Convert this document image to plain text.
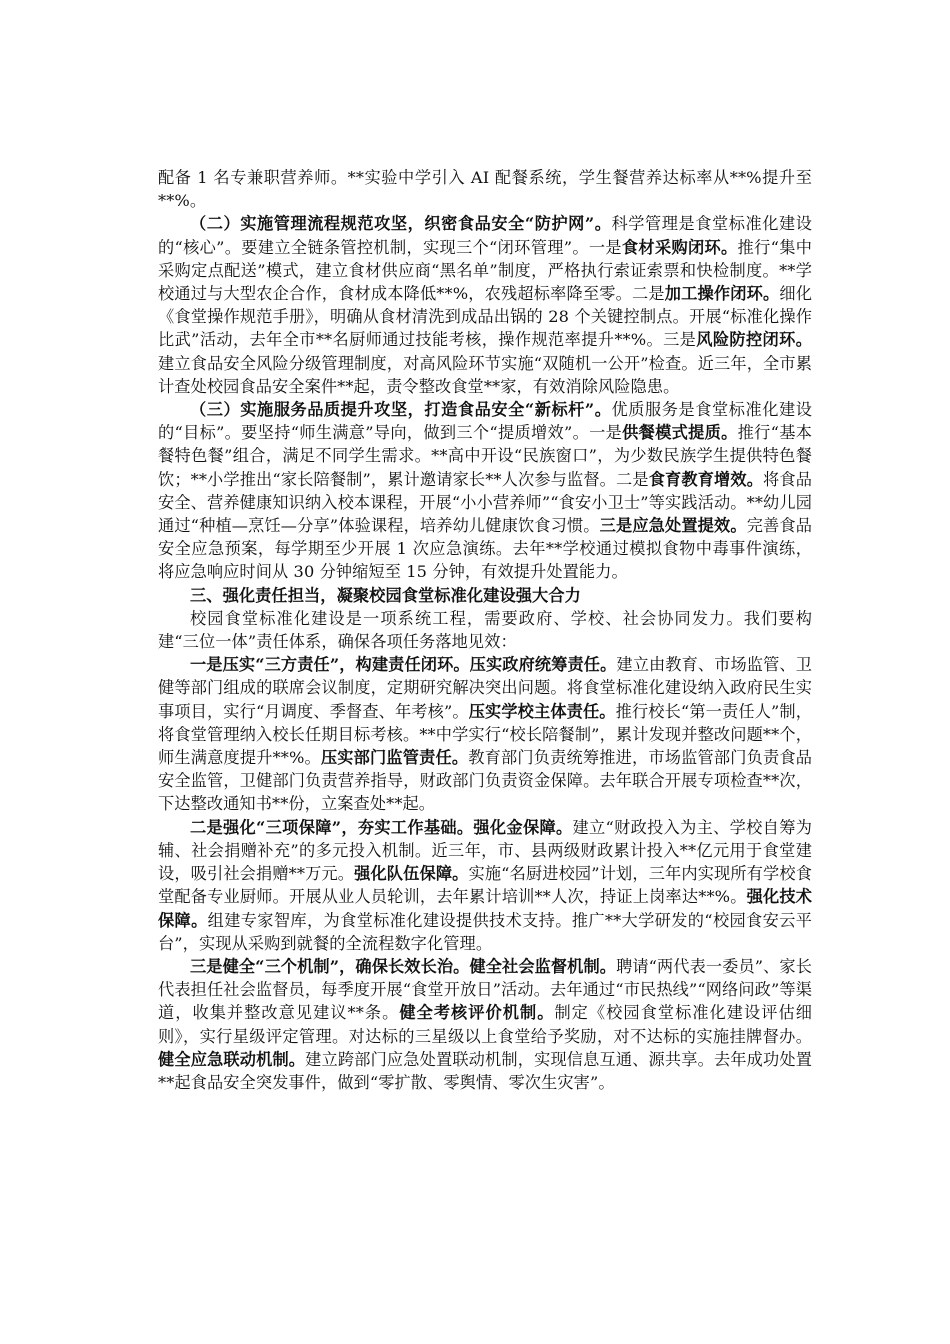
配备 1 名专兼职营养师。**实验中学引入 AI 配餐系统，学生餐营养达标率从**%提升至**%。

（二）实施管理流程规范攻坚，织密食品安全“防护网”。科学管理是食堂标准化建设的“核心”。要建立全链条管控机制，实现三个“闭环管理”。一是食材采购闭环。推行“集中采购定点配送”模式，建立食材供应商“黑名单”制度，严格执行索证索票和快检制度。**学校通过与大型农企合作，食材成本降低**%，农残超标率降至零。二是加工操作闭环。细化《食堂操作规范手册》，明确从食材清洗到成品出锅的 28 个关键控制点。开展“标准化操作比武”活动，去年全市**名厨师通过技能考核，操作规范率提升**%。三是风险防控闭环。建立食品安全风险分级管理制度，对高风险环节实施“双随机一公开”检查。近三年，全市累计查处校园食品安全案件**起，责令整改食堂**家，有效消除风险隐患。

（三）实施服务品质提升攻坚，打造食品安全“新标杆”。优质服务是食堂标准化建设的“目标”。要坚持“师生满意”导向，做到三个“提质增效”。一是供餐模式提质。推行“基本餐特色餐”组合，满足不同学生需求。**高中开设“民族窗口”，为少数民族学生提供特色餐饮；**小学推出“家长陪餐制”，累计邀请家长**人次参与监督。二是食育教育增效。将食品安全、营养健康知识纳入校本课程，开展“小小营养师”“食安小卫士”等实践活动。**幼儿园通过“种植—烹饪—分享”体验课程，培养幼儿健康饮食习惯。三是应急处置提效。完善食品安全应急预案，每学期至少开展 1 次应急演练。去年**学校通过模拟食物中毒事件演练，将应急响应时间从 30 分钟缩短至 15 分钟，有效提升处置能力。

三、强化责任担当，凝聚校园食堂标准化建设强大合力

校园食堂标准化建设是一项系统工程，需要政府、学校、社会协同发力。我们要构建“三位一体”责任体系，确保各项任务落地见效：

一是压实“三方责任”，构建责任闭环。压实政府统筹责任。建立由教育、市场监管、卫健等部门组成的联席会议制度，定期研究解决突出问题。将食堂标准化建设纳入政府民生实事项目，实行“月调度、季督查、年考核”。压实学校主体责任。推行校长“第一责任人”制，将食堂管理纳入校长任期目标考核。**中学实行“校长陪餐制”，累计发现并整改问题**个，师生满意度提升**%。压实部门监管责任。教育部门负责统筹推进，市场监管部门负责食品安全监管，卫健部门负责营养指导，财政部门负责资金保障。去年联合开展专项检查**次，下达整改通知书**份，立案查处**起。

二是强化“三项保障”，夯实工作基础。强化金保障。建立“财政投入为主、学校自筹为辅、社会捐赠补充”的多元投入机制。近三年，市、县两级财政累计投入**亿元用于食堂建设，吸引社会捐赠**万元。强化队伍保障。实施“名厨进校园”计划，三年内实现所有学校食堂配备专业厨师。开展从业人员轮训，去年累计培训**人次，持证上岗率达**%。强化技术保障。组建专家智库，为食堂标准化建设提供技术支持。推广**大学研发的“校园食安云平台”，实现从采购到就餐的全流程数字化管理。

三是健全“三个机制”，确保长效长治。健全社会监督机制。聘请“两代表一委员”、家长代表担任社会监督员，每季度开展“食堂开放日”活动。去年通过“市民热线”“网络问政”等渠道，收集并整改意见建议**条。健全考核评价机制。制定《校园食堂标准化建设评估细则》，实行星级评定管理。对达标的三星级以上食堂给予奖励，对不达标的实施挂牌督办。健全应急联动机制。建立跨部门应急处置联动机制，实现信息互通、源共享。去年成功处置**起食品安全突发事件，做到“零扩散、零舆情、零次生灾害”。
